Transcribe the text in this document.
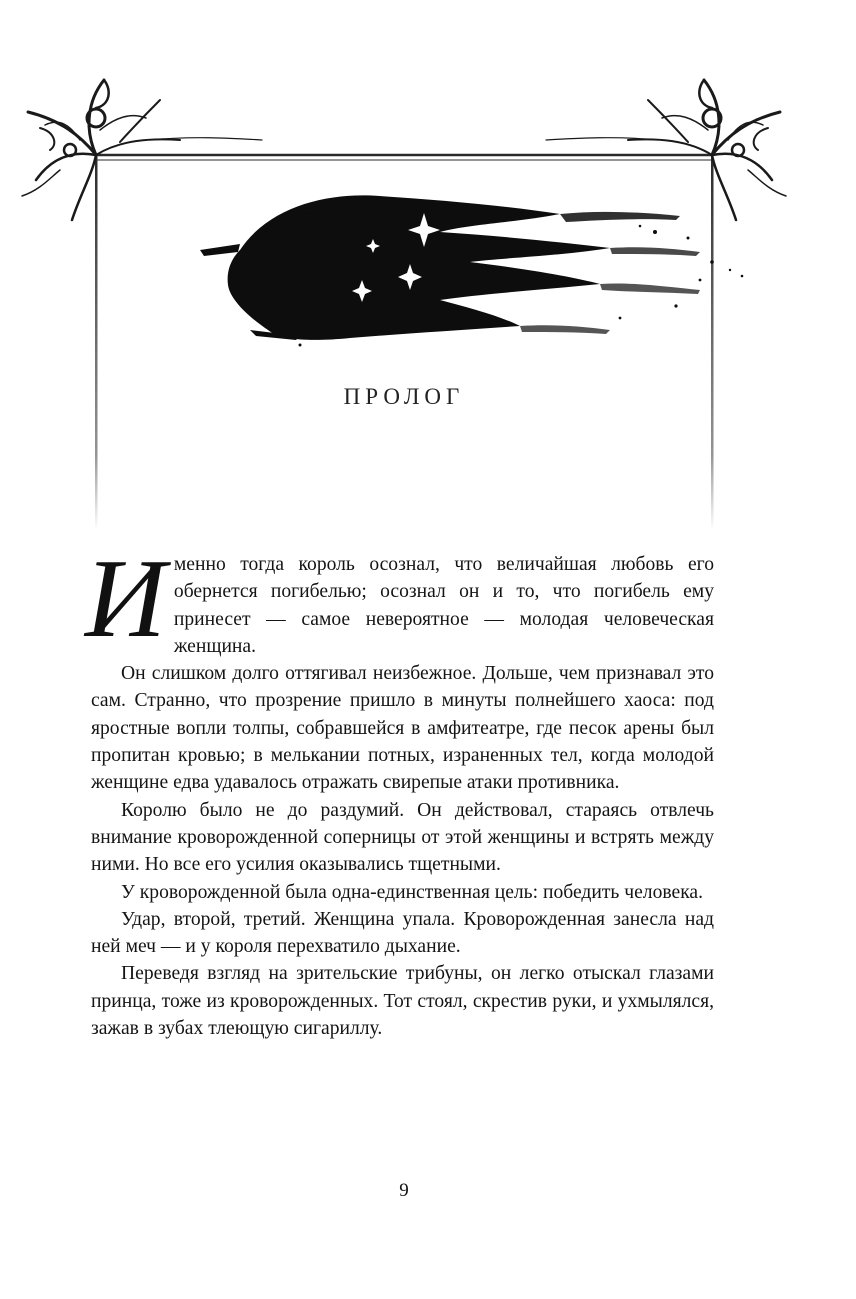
ПРОЛОГ

Именно тогда король осознал, что величайшая любовь его обернется погибелью; осознал он и то, что погибель ему принесет — самое невероятное — молодая человеческая женщина.

Он слишком долго оттягивал неизбежное. Дольше, чем признавал это сам. Странно, что прозрение пришло в минуты полнейшего хаоса: под яростные вопли толпы, собравшейся в амфитеатре, где песок арены был пропитан кровью; в мелькании потных, израненных тел, когда молодой женщине едва удавалось отражать свирепые атаки противника.

Королю было не до раздумий. Он действовал, стараясь отвлечь внимание кроворожденной соперницы от этой женщины и встрять между ними. Но все его усилия оказывались тщетными.

У кроворожденной была одна-единственная цель: победить человека.

Удар, второй, третий. Женщина упала. Кроворожденная занесла над ней меч — и у короля перехватило дыхание.

Переведя взгляд на зрительские трибуны, он легко отыскал глазами принца, тоже из кроворожденных. Тот стоял, скрестив руки, и ухмылялся, зажав в зубах тлеющую сигариллу.

9
